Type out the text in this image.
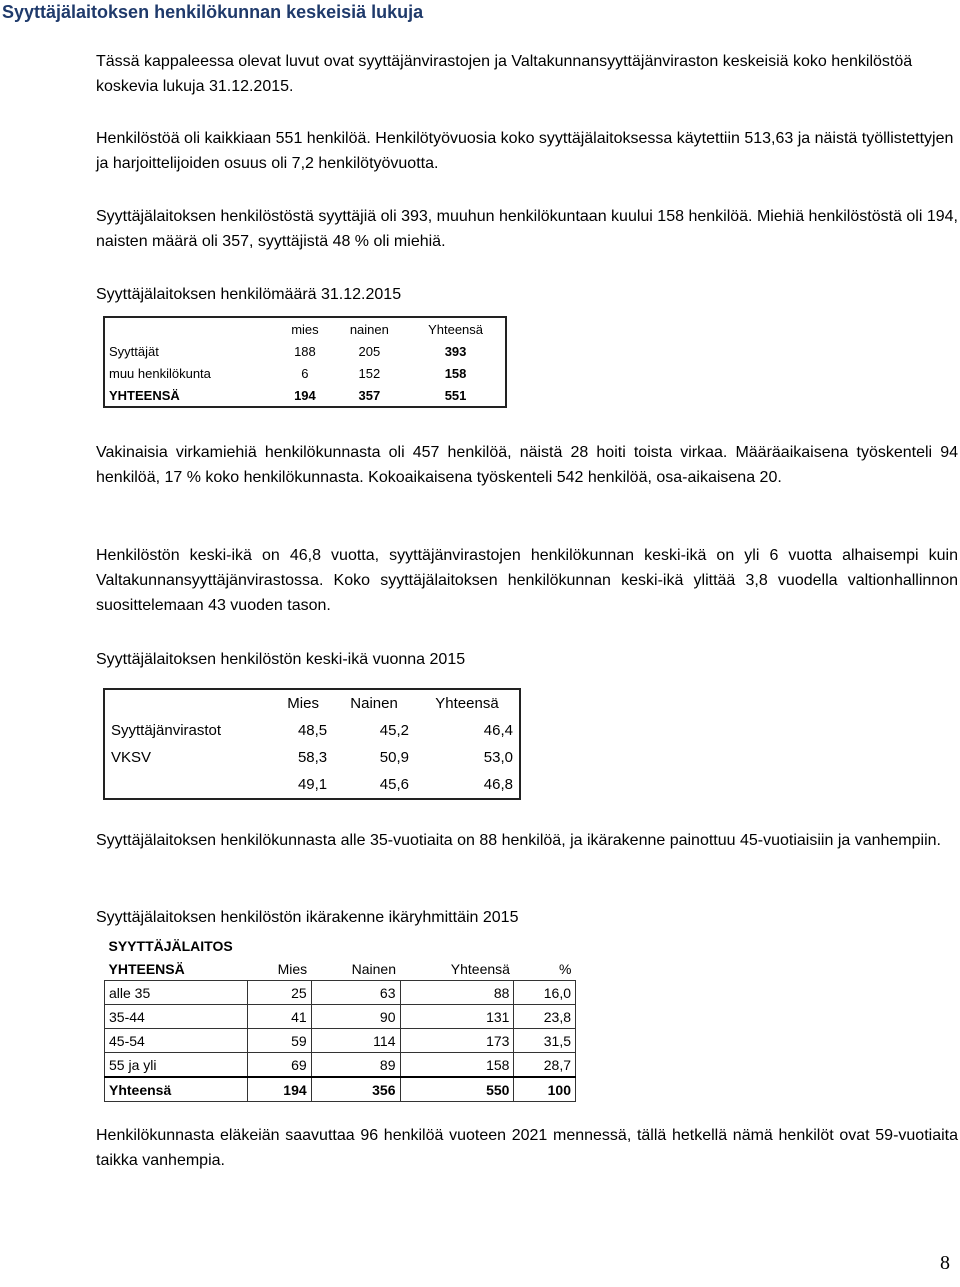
Syyttäjälaitoksen henkilökunnan keskeisiä lukuja

Tässä kappaleessa olevat luvut ovat syyttäjänvirastojen ja Valtakunnansyyttäjänviraston keskeisiä koko henkilöstöä koskevia lukuja 31.12.2015.

Henkilöstöä oli kaikkiaan 551 henkilöä. Henkilötyövuosia koko syyttäjälaitoksessa käytettiin 513,63 ja näistä työllistettyjen ja harjoittelijoiden osuus oli 7,2 henkilötyövuotta.

Syyttäjälaitoksen henkilöstöstä syyttäjiä oli 393, muuhun henkilökuntaan kuului 158 henkilöä. Miehiä henkilöstöstä oli 194, naisten määrä oli 357, syyttäjistä 48 % oli miehiä.

Syyttäjälaitoksen henkilömäärä 31.12.2015
	mies	nainen	Yhteensä
Syyttäjät	188	205	393
muu henkilökunta	6	152	158
YHTEENSÄ	194	357	551

Vakinaisia virkamiehiä henkilökunnasta oli 457 henkilöä, näistä 28 hoiti toista virkaa. Määräaikaisena työskenteli 94 henkilöä, 17 % koko henkilökunnasta. Kokoaikaisena työskenteli 542 henkilöä, osa-aikaisena 20.

Henkilöstön keski-ikä on 46,8 vuotta, syyttäjänvirastojen henkilökunnan keski-ikä on yli 6 vuotta alhaisempi kuin Valtakunnansyyttäjänvirastossa. Koko syyttäjälaitoksen henkilökunnan keski-ikä ylittää 3,8 vuodella valtionhallinnon suosittelemaan 43 vuoden tason.

Syyttäjälaitoksen henkilöstön keski-ikä vuonna 2015
	Mies	Nainen	Yhteensä
Syyttäjänvirastot	48,5	45,2	46,4
VKSV	58,3	50,9	53,0
	49,1	45,6	46,8

Syyttäjälaitoksen henkilökunnasta alle 35-vuotiaita on 88 henkilöä, ja ikärakenne painottuu 45-vuotiaisiin ja vanhempiin.

Syyttäjälaitoksen henkilöstön ikärakenne ikäryhmittäin 2015
SYYTTÄJÄLAITOS				
YHTEENSÄ	Mies	Nainen	Yhteensä	%
alle 35	25	63	88	16,0
35-44	41	90	131	23,8
45-54	59	114	173	31,5
55 ja yli	69	89	158	28,7
Yhteensä	194	356	550	100

Henkilökunnasta eläkeiän saavuttaa 96 henkilöä vuoteen 2021 mennessä, tällä hetkellä nämä henkilöt ovat 59-vuotiaita taikka vanhempia.

8
